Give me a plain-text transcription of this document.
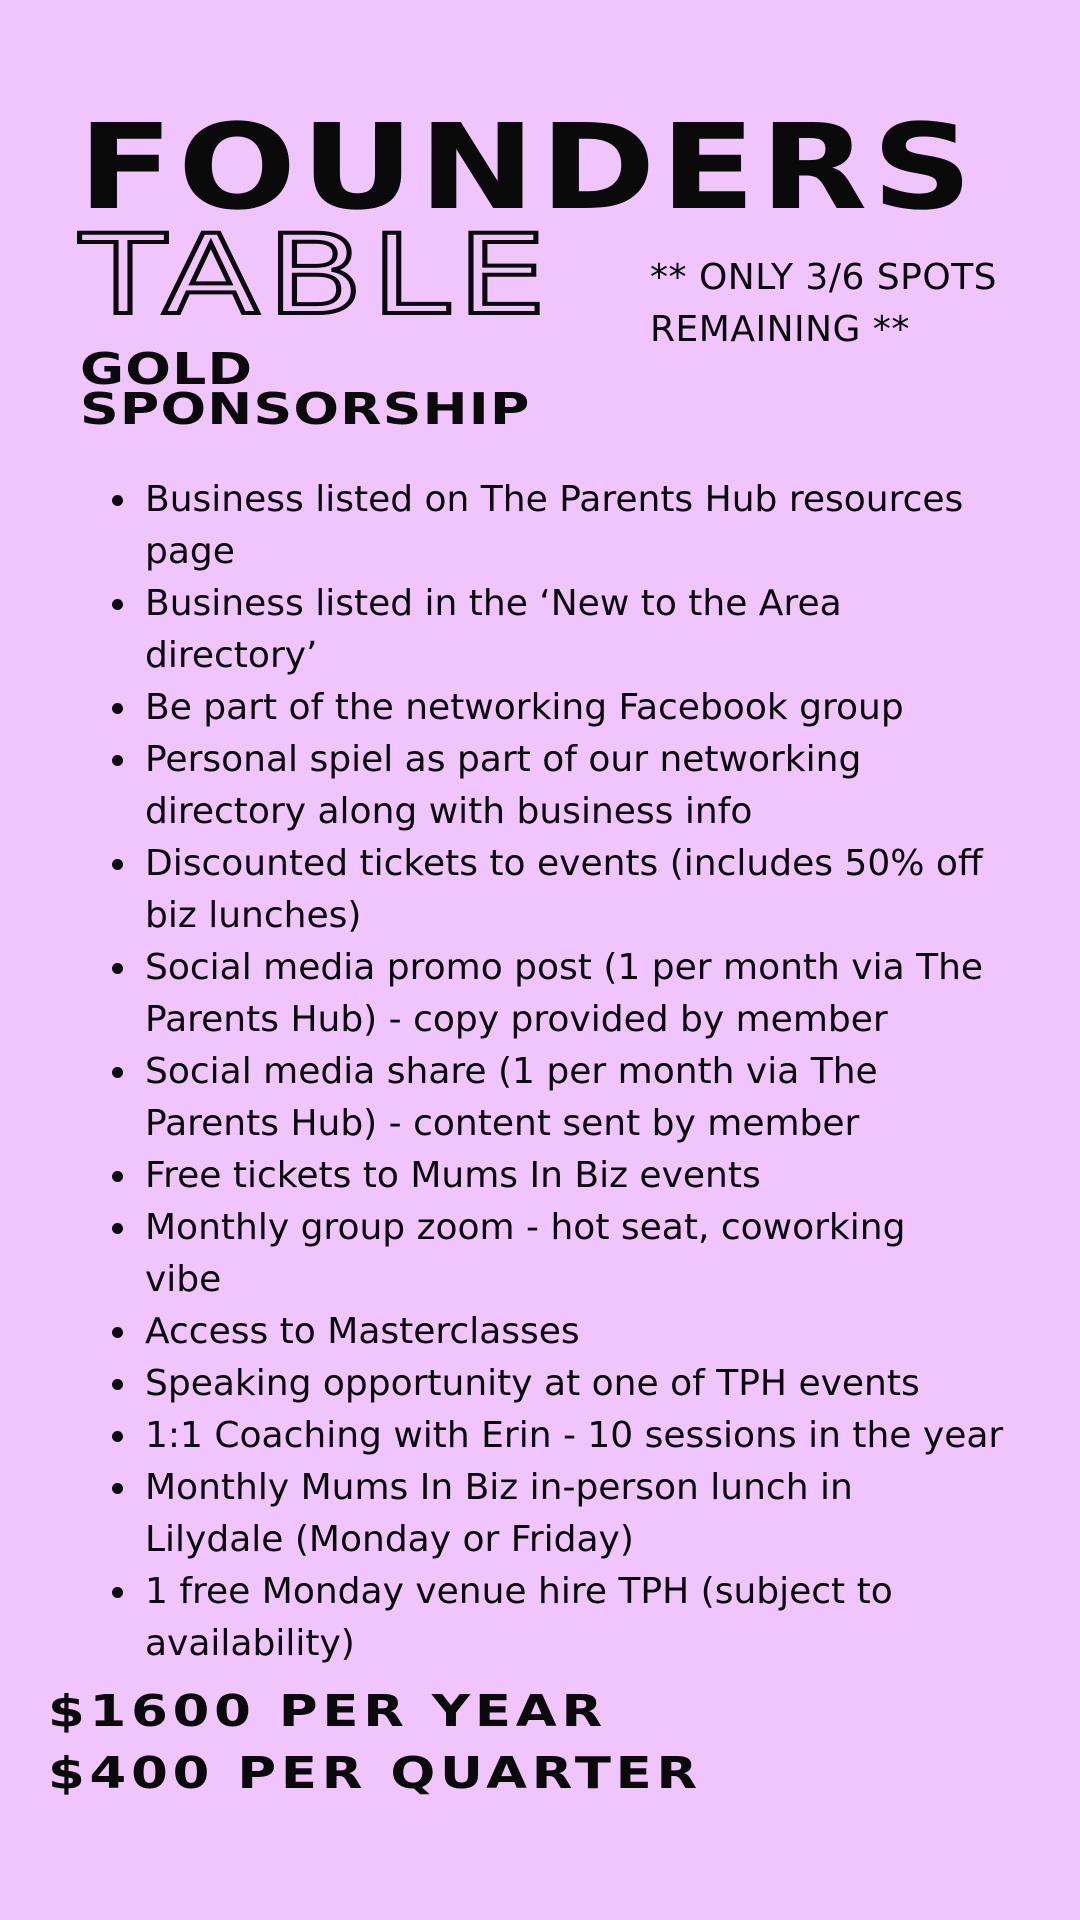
FOUNDERS
TABLE	** ONLY 3/6 SPOTS
REMAINING **
GOLD
SPONSORSHIP
Business listed on The Parents Hub resources
page
Business listed in the ‘New to the Area
directory’
Be part of the networking Facebook group
Personal spiel as part of our networking
directory along with business info
Discounted tickets to events (includes 50% off
biz lunches)
Social media promo post (1 per month via The
Parents Hub) - copy provided by member
Social media share (1 per month via The
Parents Hub) - content sent by member
Free tickets to Mums In Biz events
Monthly group zoom - hot seat, coworking
vibe
Access to Masterclasses
Speaking opportunity at one of TPH events
1:1 Coaching with Erin - 10 sessions in the year
Monthly Mums In Biz in-person lunch in
Lilydale (Monday or Friday)
1 free Monday venue hire TPH (subject to
availability)
$1600 PER YEAR
$400 PER QUARTER
